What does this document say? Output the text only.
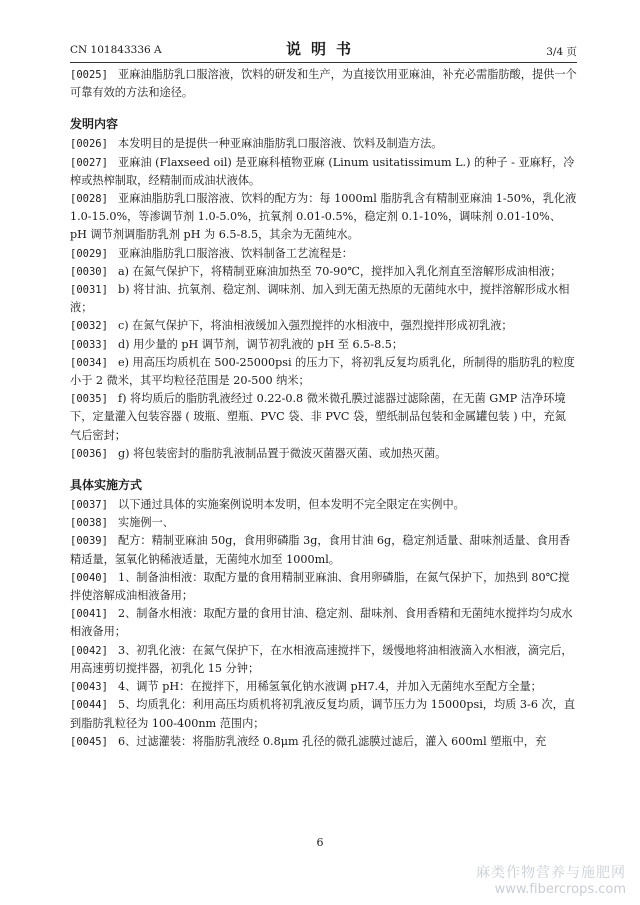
CN 101843336 A	说明书	3/4 页
[0025] 亚麻油脂肪乳口服溶液，饮料的研发和生产，为直接饮用亚麻油，补充必需脂肪酸，提供一个可靠有效的方法和途径。
发明内容
[0026] 本发明目的是提供一种亚麻油脂肪乳口服溶液、饮料及制造方法。
[0027] 亚麻油 (Flaxseed oil) 是亚麻科植物亚麻 (Linum usitatissimum L.) 的种子 - 亚麻籽，冷榨或热榨制取，经精制而成油状液体。
[0028] 亚麻油脂肪乳口服溶液、饮料的配方为：每 1000ml 脂肪乳含有精制亚麻油 1-50%，乳化液 1.0-15.0%，等渗调节剂 1.0-5.0%，抗氧剂 0.01-0.5%，稳定剂 0.1-10%，调味剂 0.01-10%、pH 调节剂调脂肪乳剂 pH 为 6.5-8.5，其余为无菌纯水。
[0029] 亚麻油脂肪乳口服溶液、饮料制备工艺流程是：
[0030] a) 在氮气保护下，将精制亚麻油加热至 70-90℃，搅拌加入乳化剂直至溶解形成油相液；
[0031] b) 将甘油、抗氧剂、稳定剂、调味剂、加入到无菌无热原的无菌纯水中，搅拌溶解形成水相液；
[0032] c) 在氮气保护下，将油相液缓加入强烈搅拌的水相液中，强烈搅拌形成初乳液；
[0033] d) 用少量的 pH 调节剂，调节初乳液的 pH 至 6.5-8.5；
[0034] e) 用高压均质机在 500-25000psi 的压力下，将初乳反复均质乳化，所制得的脂肪乳的粒度小于 2 微米，其平均粒径范围是 20-500 纳米；
[0035] f) 将均质后的脂肪乳液经过 0.22-0.8 微米微孔膜过滤器过滤除菌，在无菌 GMP 洁净环境下，定量灌入包装容器 ( 玻瓶、塑瓶、PVC 袋、非 PVC 袋，塑纸制品包装和金属罐包装 ) 中，充氮气后密封；
[0036] g) 将包装密封的脂肪乳液制品置于微波灭菌器灭菌、或加热灭菌。
具体实施方式
[0037] 以下通过具体的实施案例说明本发明，但本发明不完全限定在实例中。
[0038] 实施例一、
[0039] 配方：精制亚麻油 50g，食用卵磷脂 3g，食用甘油 6g，稳定剂适量、甜味剂适量、食用香精适量，氢氧化钠稀液适量，无菌纯水加至 1000ml。
[0040] 1、制备油相液：取配方量的食用精制亚麻油、食用卵磷脂，在氮气保护下，加热到 80℃搅拌使溶解成油相液备用；
[0041] 2、制备水相液：取配方量的食用甘油、稳定剂、甜味剂、食用香精和无菌纯水搅拌均匀成水相液备用；
[0042] 3、初乳化液：在氮气保护下，在水相液高速搅拌下，缓慢地将油相液滴入水相液，滴完后，用高速剪切搅拌器，初乳化 15 分钟；
[0043] 4、调节 pH：在搅拌下，用稀氢氧化钠水液调 pH7.4，并加入无菌纯水至配方全量；
[0044] 5、均质乳化：利用高压均质机将初乳液反复均质，调节压力为 15000psi，均质 3-6 次，直到脂肪乳粒径为 100-400nm 范围内；
[0045] 6、过滤灌装：将脂肪乳液经 0.8μm 孔径的微孔滤膜过滤后，灌入 600ml 塑瓶中，充
6
麻类作物营养与施肥网
www.fibercrops.com
